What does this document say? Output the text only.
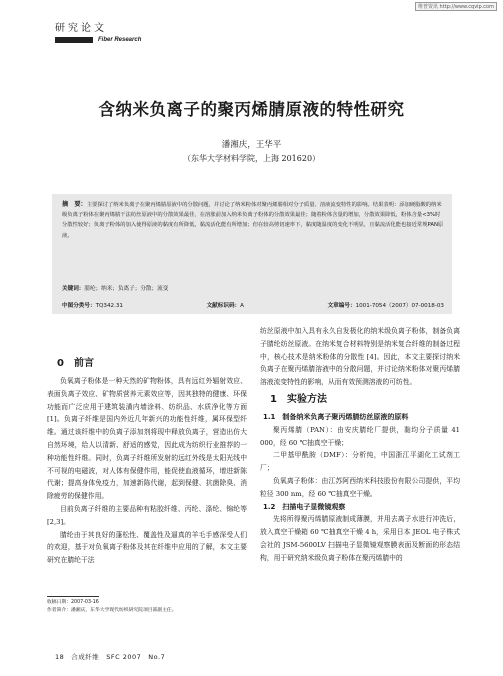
维普资讯 http://www.cqvip.com
研究论文
Fiber Research
含纳米负离子的聚丙烯腈原液的特性研究
潘湘庆，王华平
（东华大学材料学院，上海 201620）
摘　要：主要探讨了纳米负离子在聚丙烯腈原液中的分散问题，并讨论了纳米粉体对聚丙烯腈相对分子质量、溶液流变特性的影响。结果表明：添加硬脂酸的纳米级负离子粉体在聚丙烯腈干法纺丝原液中的分散效果最佳，在溶胀前加入纳米负离子粉体的分散效果最佳；随着粉体含量的增加，分散效果降低，粉体含量<3%时分散性较好；负离子粉体的加入使得原液的黏度有所降低，黏流活化能有所增加；但在较高剪切速率下，黏度随温度的变化不明显，且黏流活化能也接近常规PAN原液。
关键词：腈纶；纳米；负离子；分散；流变
中图分类号：TQ342.31	文献标识码：A	文章编号：1001-7054（2007）07-0018-03
0　前言

负氧离子粉体是一种天然的矿物粉体，具有远红外辐射效应、表面负离子效应、矿物质营养元素效应等，因其独特的健康、环保功能而广泛应用于建筑装潢内墙涂料、纺织品、水质净化等方面 [1]。负离子纤维是国内外近几年新兴的功能性纤维，属环保型纤维。通过该纤维中的负离子添加剂将现中释放负离子，营造出仿大自然环境，给人以清新、舒适的感觉，因此成为纺织行业推荐的一种功能性纤维。同时，负离子纤维所发射的远红外线是太阳光线中不可视的电磁波，对人体有保健作用，能促使血液循环，增进新陈代谢；提高身体免疫力，加速新陈代谢，起到保健、抗菌除臭、消除疲劳的保健作用。

目前负离子纤维的主要品种有粘胶纤维、丙纶、涤纶、锦纶等 [2,3]。

腈纶由于其良好的蓬松性、覆盖性及逼真的羊毛手感深受人们的欢迎，基于对负氧离子粉体及其在纤维中应用的了解，本文主要研究在腈纶干法

收稿日期：2007-03-16
作者简介：潘湘庆，东华大学现代纺织研究院项目部副主任。

纺丝原液中加入具有永久自发极化的纳米级负离子粉体，制备负离子腈纶纺丝原液。在纳米复合材料特别是纳米复合纤维的制备过程中，核心技术是纳米粉体的分散性 [4]。因此，本文主要探讨纳米负离子在聚丙烯腈溶液中的分散问题，并讨论纳米粉体对聚丙烯腈溶液流变特性的影响，从而有效预测溶液的可纺性。

1　实验方法
1.1　制备纳米负离子聚丙烯腈纺丝原液的原料

聚丙烯腈（PAN）：由安庆腈纶厂提供，黏均分子质量 41 000，经 60 ℃抽真空干燥；

二甲基甲酰胺（DMF）：分析纯，中国浙江平湖化工试剂工厂；

负氧离子粉体：由江苏阿西纳米科技股份有限公司提供，平均粒径 300 nm，经 60 ℃抽真空干燥。

1.2　扫描电子显微镜观察

先将所得聚丙烯腈原液制成薄膜，并用去离子水进行冲洗后，放入真空干燥箱 60 ℃抽真空干燥 4 h，采用日本 JEOL 电子株式会社的 JSM-5600LV 扫描电子显微镜观察膜表面及断面的形态结构，用于研究纳米级负离子粉体在聚丙烯腈中的

18　合成纤维　SFC 2007　No.7
